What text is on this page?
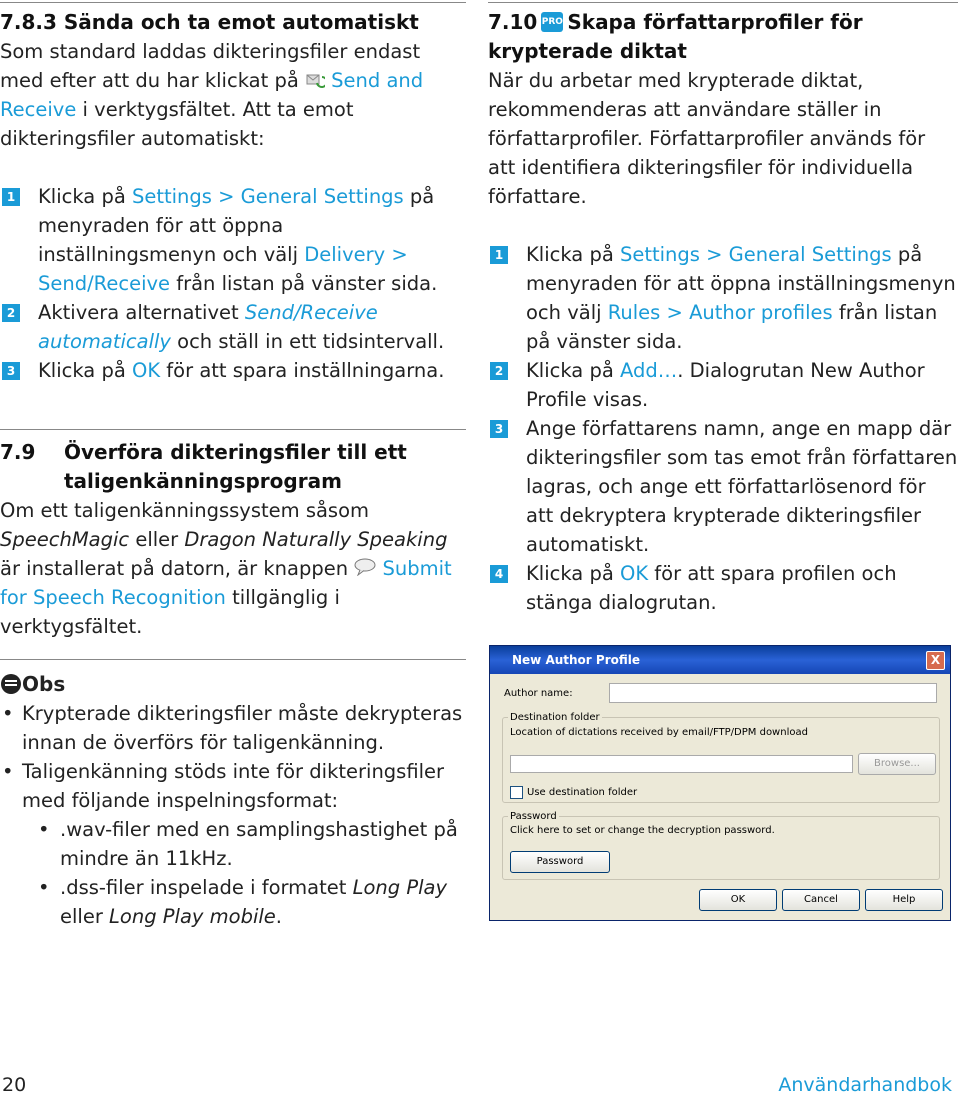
7.8.3 Sända och ta emot automatiskt

Som standard laddas dikteringsfiler endast med efter att du har klickat på Send and Receive i verktygsfältet. Att ta emot dikteringsfiler automatiskt:

1 Klicka på Settings > General Settings på menyraden för att öppna inställningsmenyn och välj Delivery > Send/Receive från listan på vänster sida.
2 Aktivera alternativet Send/Receive automatically och ställ in ett tidsintervall.
3 Klicka på OK för att spara inställningarna.
7.9 Överföra dikteringsfiler till ett taligenkänningsprogram

Om ett taligenkänningssystem såsom SpeechMagic eller Dragon Naturally Speaking är installerat på datorn, är knappen  Submit for Speech Recognition tillgänglig i verktygsfältet.

Obs
• Krypterade dikteringsfiler måste dekrypteras innan de överförs för taligenkänning.
• Taligenkänning stöds inte för dikteringsfiler med följande inspelningsformat:
• .wav-filer med en samplingshastighet på mindre än 11kHz.
• .dss-filer inspelade i formatet Long Play eller Long Play mobile.
7.10 PRO Skapa författarprofiler för krypterade diktat

När du arbetar med krypterade diktat, rekommenderas att användare ställer in författarprofiler. Författarprofiler används för att identifiera dikteringsfiler för individuella författare.

1 Klicka på Settings > General Settings på menyraden för att öppna inställningsmenyn och välj Rules > Author profiles från listan på vänster sida.
2 Klicka på Add…. Dialogrutan New Author Profile visas.
3 Ange författarens namn, ange en mapp där dikteringsfiler som tas emot från författaren lagras, och ange ett författarlösenord för att dekryptera krypterade dikteringsfiler automatiskt.
4 Klicka på OK för att spara profilen och stänga dialogrutan.
New Author Profile	X
Author name:
Destination folder
Location of dictations received by email/FTP/DPM download
Browse...
Use destination folder
Password
Click here to set or change the decryption password.
Password
OK	Cancel	Help
20	Användarhandbok
